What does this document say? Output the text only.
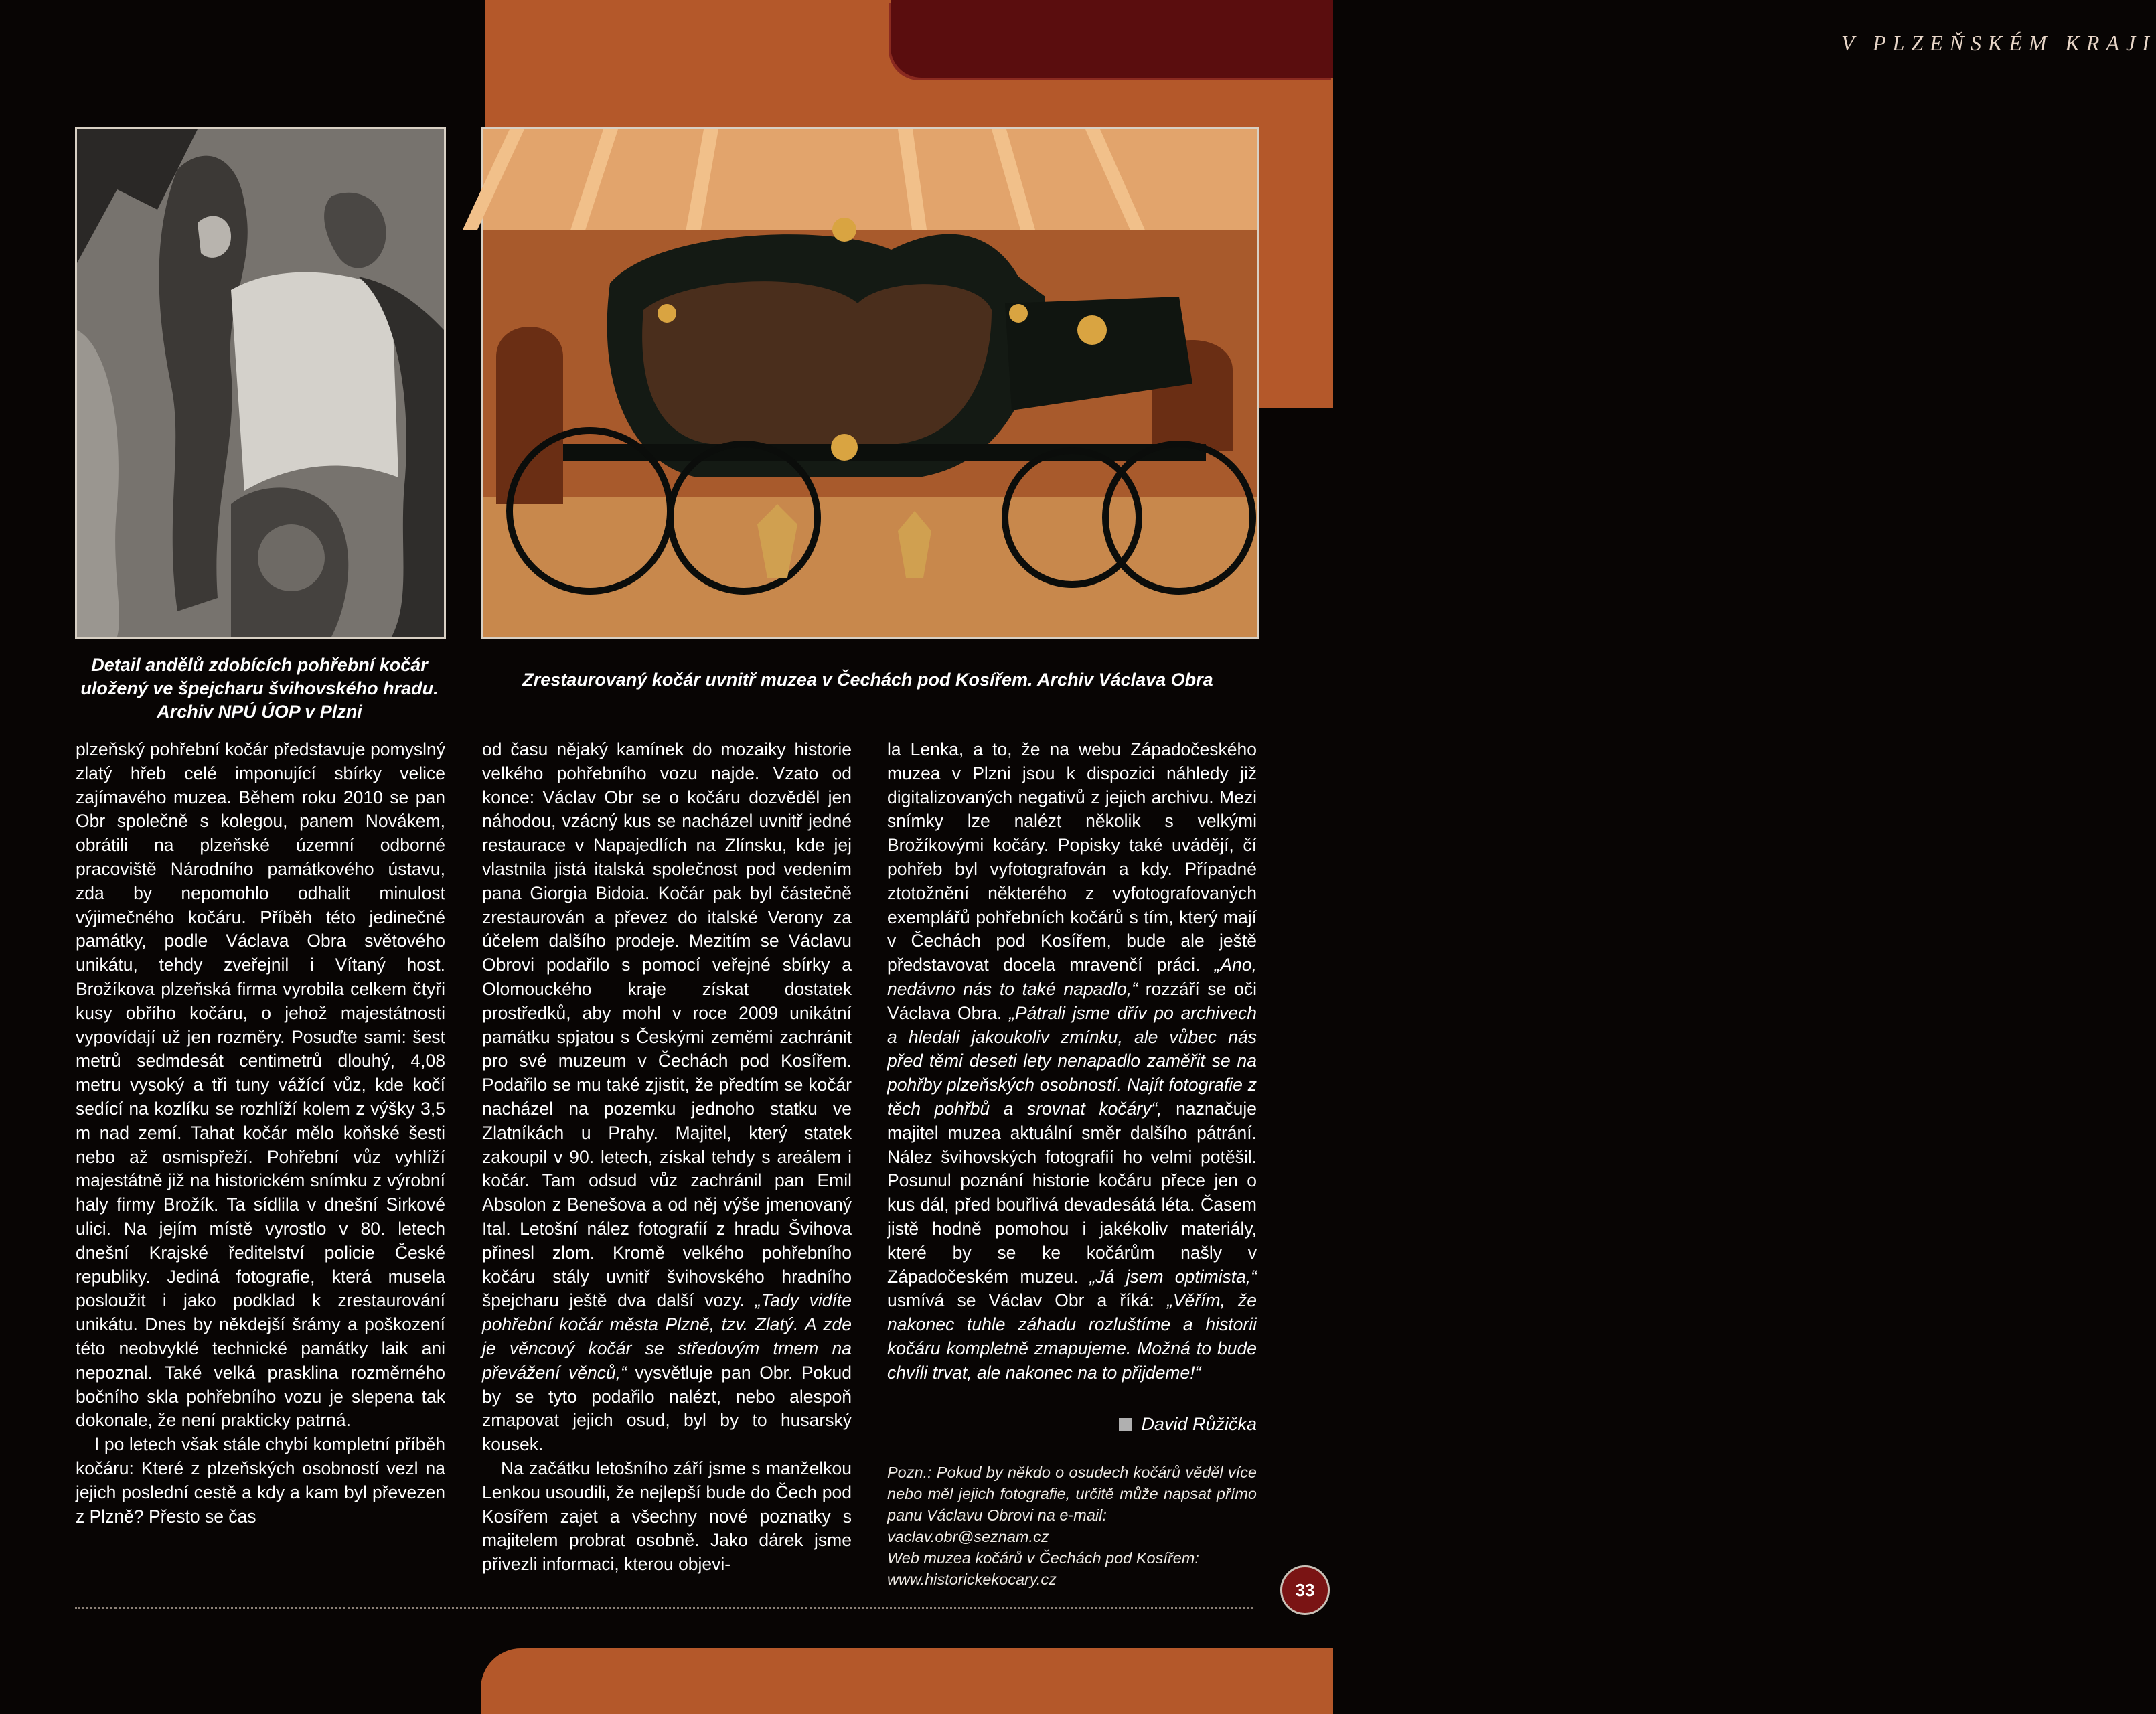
V PLZEŇSKÉM KRAJI
Detail andělů zdobících pohřební kočár
uložený ve špejcharu švihovského hradu.
Archiv NPÚ ÚOP v Plzni
Zrestaurovaný kočár uvnitř muzea v Čechách pod Kosířem. Archiv Václava Obra

plzeňský pohřební kočár představuje pomyslný zlatý hřeb celé imponující sbírky velice zajímavého muzea. Během roku 2010 se pan Obr společně s kolegou, panem Novákem, obrátili na plzeňské územní odborné pracoviště Národního památkového ústavu, zda by nepomohlo odhalit minulost výjimečného kočáru. Příběh této jedinečné památky, podle Václava Obra světového unikátu, tehdy zveřejnil i Vítaný host. Brožíkova plzeňská firma vyrobila celkem čtyři kusy obřího kočáru, o jehož majestátnosti vypovídají už jen rozměry. Posuďte sami: šest metrů sedmdesát centimetrů dlouhý, 4,08 metru vysoký a tři tuny vážící vůz, kde kočí sedící na kozlíku se rozhlíží kolem z výšky 3,5 m nad zemí. Tahat kočár mělo koňské šesti nebo až osmispřeží. Pohřební vůz vyhlíží majestátně již na historickém snímku z výrobní haly firmy Brožík. Ta sídlila v dnešní Sirkové ulici. Na jejím místě vyrostlo v 80. letech dnešní Krajské ředitelství policie České republiky. Jediná fotografie, která musela posloužit i jako podklad k zrestaurování unikátu. Dnes by někdejší šrámy a poškození této neobvyklé technické památky laik ani nepoznal. Také velká prasklina rozměrného bočního skla pohřebního vozu je slepena tak dokonale, že není prakticky patrná.

I po letech však stále chybí kompletní příběh kočáru: Které z plzeňských osobností vezl na jejich poslední cestě a kdy a kam byl převezen z Plzně? Přesto se čas

od času nějaký kamínek do mozaiky historie velkého pohřebního vozu najde. Vzato od konce: Václav Obr se o kočáru dozvěděl jen náhodou, vzácný kus se nacházel uvnitř jedné restaurace v Napajedlích na Zlínsku, kde jej vlastnila jistá italská společnost pod vedením pana Giorgia Bidoia. Kočár pak byl částečně zrestaurován a převez do italské Verony za účelem dalšího prodeje. Mezitím se Václavu Obrovi podařilo s pomocí veřejné sbírky a Olomouckého kraje získat dostatek prostředků, aby mohl v roce 2009 unikátní památku spjatou s Českými zeměmi zachránit pro své muzeum v Čechách pod Kosířem. Podařilo se mu také zjistit, že předtím se kočár nacházel na pozemku jednoho statku ve Zlatníkách u Prahy. Majitel, který statek zakoupil v 90. letech, získal tehdy s areálem i kočár. Tam odsud vůz zachránil pan Emil Absolon z Benešova a od něj výše jmenovaný Ital. Letošní nález fotografií z hradu Švihova přinesl zlom. Kromě velkého pohřebního kočáru stály uvnitř švihovského hradního špejcharu ještě dva další vozy. „Tady vidíte pohřební kočár města Plzně, tzv. Zlatý. A zde je věncový kočár se středovým trnem na převážení věnců,“ vysvětluje pan Obr. Pokud by se tyto podařilo nalézt, nebo alespoň zmapovat jejich osud, byl by to husarský kousek.

Na začátku letošního září jsme s manželkou Lenkou usoudili, že nejlepší bude do Čech pod Kosířem zajet a všechny nové poznatky s majitelem probrat osobně. Jako dárek jsme přivezli informaci, kterou objevi-

la Lenka, a to, že na webu Západočeského muzea v Plzni jsou k dispozici náhledy již digitalizovaných negativů z jejich archivu. Mezi snímky lze nalézt několik s velkými Brožíkovými kočáry. Popisky také uvádějí, čí pohřeb byl vyfotografován a kdy. Případné ztotožnění některého z vyfotografovaných exemplářů pohřebních kočárů s tím, který mají v Čechách pod Kosířem, bude ale ještě představovat docela mravenčí práci. „Ano, nedávno nás to také napadlo,“ rozzáří se oči Václava Obra. „Pátrali jsme dřív po archivech a hledali jakoukoliv zmínku, ale vůbec nás před těmi deseti lety nenapadlo zaměřit se na pohřby plzeňských osobností. Najít fotografie z těch pohřbů a srovnat kočáry“, naznačuje majitel muzea aktuální směr dalšího pátrání. Nález švihovských fotografií ho velmi potěšil. Posunul poznání historie kočáru přece jen o kus dál, před bouřlivá devadesátá léta. Časem jistě hodně pomohou i jakékoliv materiály, které by se ke kočárům našly v Západočeském muzeu. „Já jsem optimista,“ usmívá se Václav Obr a říká: „Věřím, že nakonec tuhle záhadu rozluštíme a historii kočáru kompletně zmapujeme. Možná to bude chvíli trvat, ale nakonec na to přijdeme!“

David Růžička

Pozn.: Pokud by někdo o osudech kočárů věděl více nebo měl jejich fotografie, určitě může napsat přímo panu Václavu Obrovi na e-mail:

vaclav.obr@seznam.cz

Web muzea kočárů v Čechách pod Kosířem:

www.historickekocary.cz

33
